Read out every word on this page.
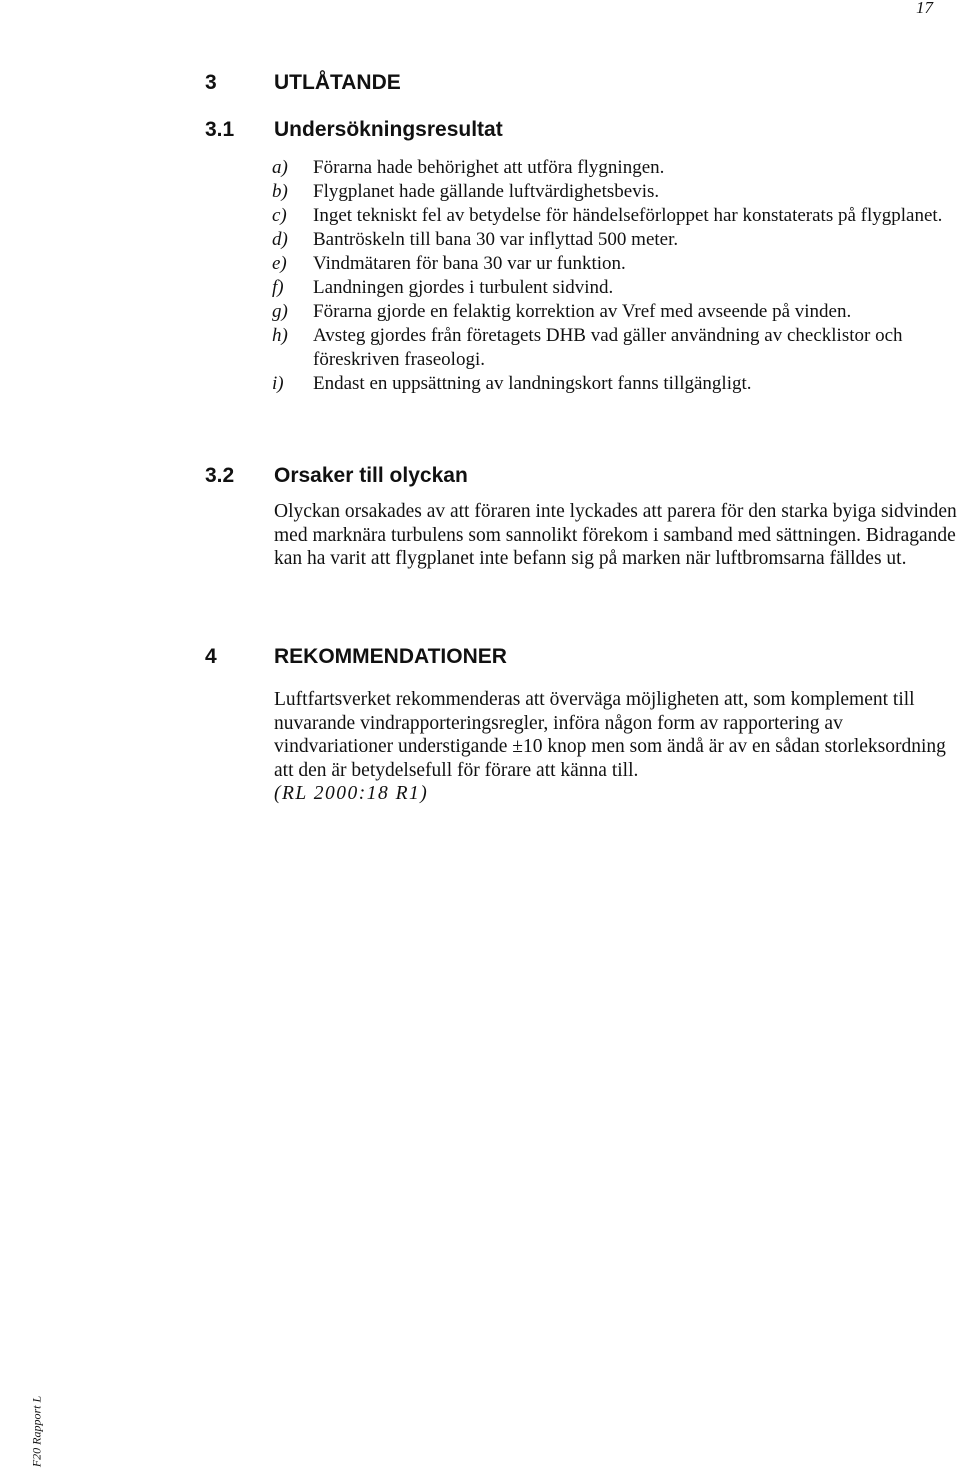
17
3	UTLÅTANDE
3.1 Undersökningsresultat
a) Förarna hade behörighet att utföra flygningen.
b) Flygplanet hade gällande luftvärdighetsbevis.
c) Inget tekniskt fel av betydelse för händelseförloppet har konstaterats på flygplanet.
d) Bantröskeln till bana 30 var inflyttad 500 meter.
e) Vindmätaren för bana 30 var ur funktion.
f) Landningen gjordes i turbulent sidvind.
g) Förarna gjorde en felaktig korrektion av Vref med avseende på vinden.
h) Avsteg gjordes från företagets DHB vad gäller användning av checklistor och föreskriven fraseologi.
i) Endast en uppsättning av landningskort fanns tillgängligt.
3.2 Orsaker till olyckan

Olyckan orsakades av att föraren inte lyckades att parera för den starka byiga sidvinden med marknära turbulens som sannolikt förekom i samband med sättningen. Bidragande kan ha varit att flygplanet inte befann sig på marken när luftbromsarna fälldes ut.

4	REKOMMENDATIONER
Luftfartsverket rekommenderas att överväga möjligheten att, som komplement till nuvarande vindrapporteringsregler, införa någon form av rapportering av vindvariationer understigande ±10 knop men som ändå är av en sådan storleksordning att den är betydelsefull för förare att känna till.
(RL 2000:18 R1)
F20 Rapport L
